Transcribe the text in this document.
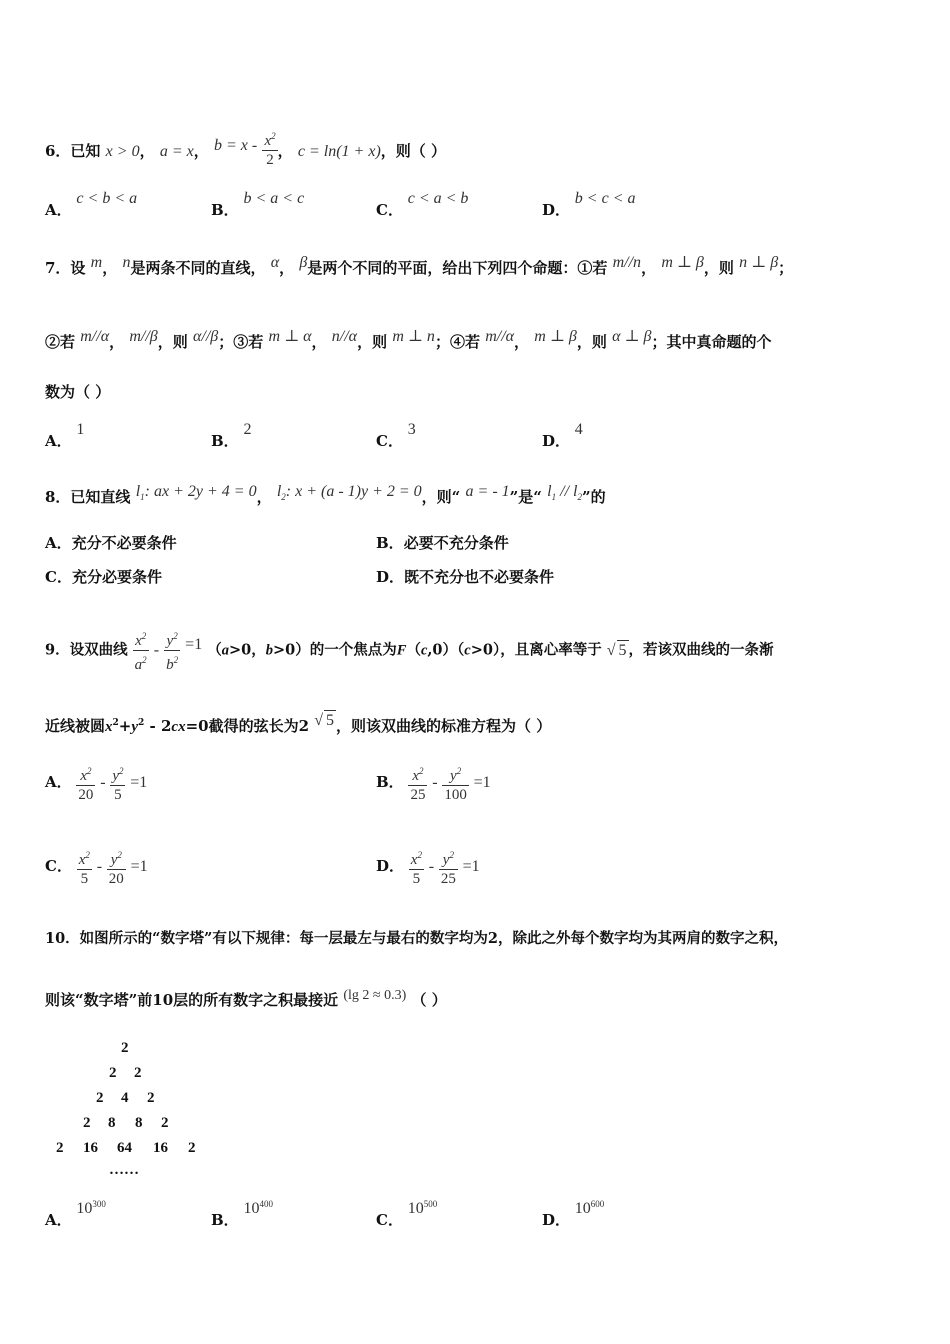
6．已知 x > 0， a = x， $b = x - \frac{x^2}{2}$ ， c = ln(1 + x)，则（ ）
A． c < b < a
B． b < a < c
C． c < a < b
D． b < c < a
7．设 m， n是两条不同的直线， α， β是两个不同的平面，给出下列四个命题：①若 m//n， m ⊥ β，则 n ⊥ β；
②若 m//α， m//β，则 α//β；③若 m ⊥ α， n//α，则 m ⊥ n；④若 m//α， m ⊥ β，则 α ⊥ β；其中真命题的个
数为（ ）
A． 1
B． 2
C． 3
D． 4
8．已知直线 $l_1$: ax + 2y + 4 = 0， $l_2$: x + (a - 1)y + 2 = 0，则“ a = - 1”是“ $l_1 // l_2$”的
A．充分不必要条件	B．必要不充分条件
C．充分必要条件	D．既不充分也不必要条件
9．设双曲线 $\frac{x^2}{a^2} - \frac{y^2}{b^2} =1$ （a>0，b>0）的一个焦点为F（c,0）（c>0），且离心率等于 √ 5 ，若该双曲线的一条渐
近线被圆$x^2+y^2 - 2cx=0$截得的弦长为2 √ 5 ，则该双曲线的标准方程为（ ）
A． $\frac{x^2}{20} - \frac{y^2}{5} =1$	B． $\frac{x^2}{25} - \frac{y^2}{100} =1$
C． $\frac{x^2}{5} - \frac{y^2}{20} =1$	D． $\frac{x^2}{5} - \frac{y^2}{25} =1$
10．如图所示的“数字塔”有以下规律：每一层最左与最右的数字均为2，除此之外每个数字均为其两肩的数字之积，
则该“数字塔”前10层的所有数字之积最接近 (lg 2 ≈ 0.3) （ ）
2
2 2
2 4 2
2 8 8 2
2 16 64 16 2
……
A． $10^{300}$
B． $10^{400}$
C． $10^{500}$
D． $10^{600}$
